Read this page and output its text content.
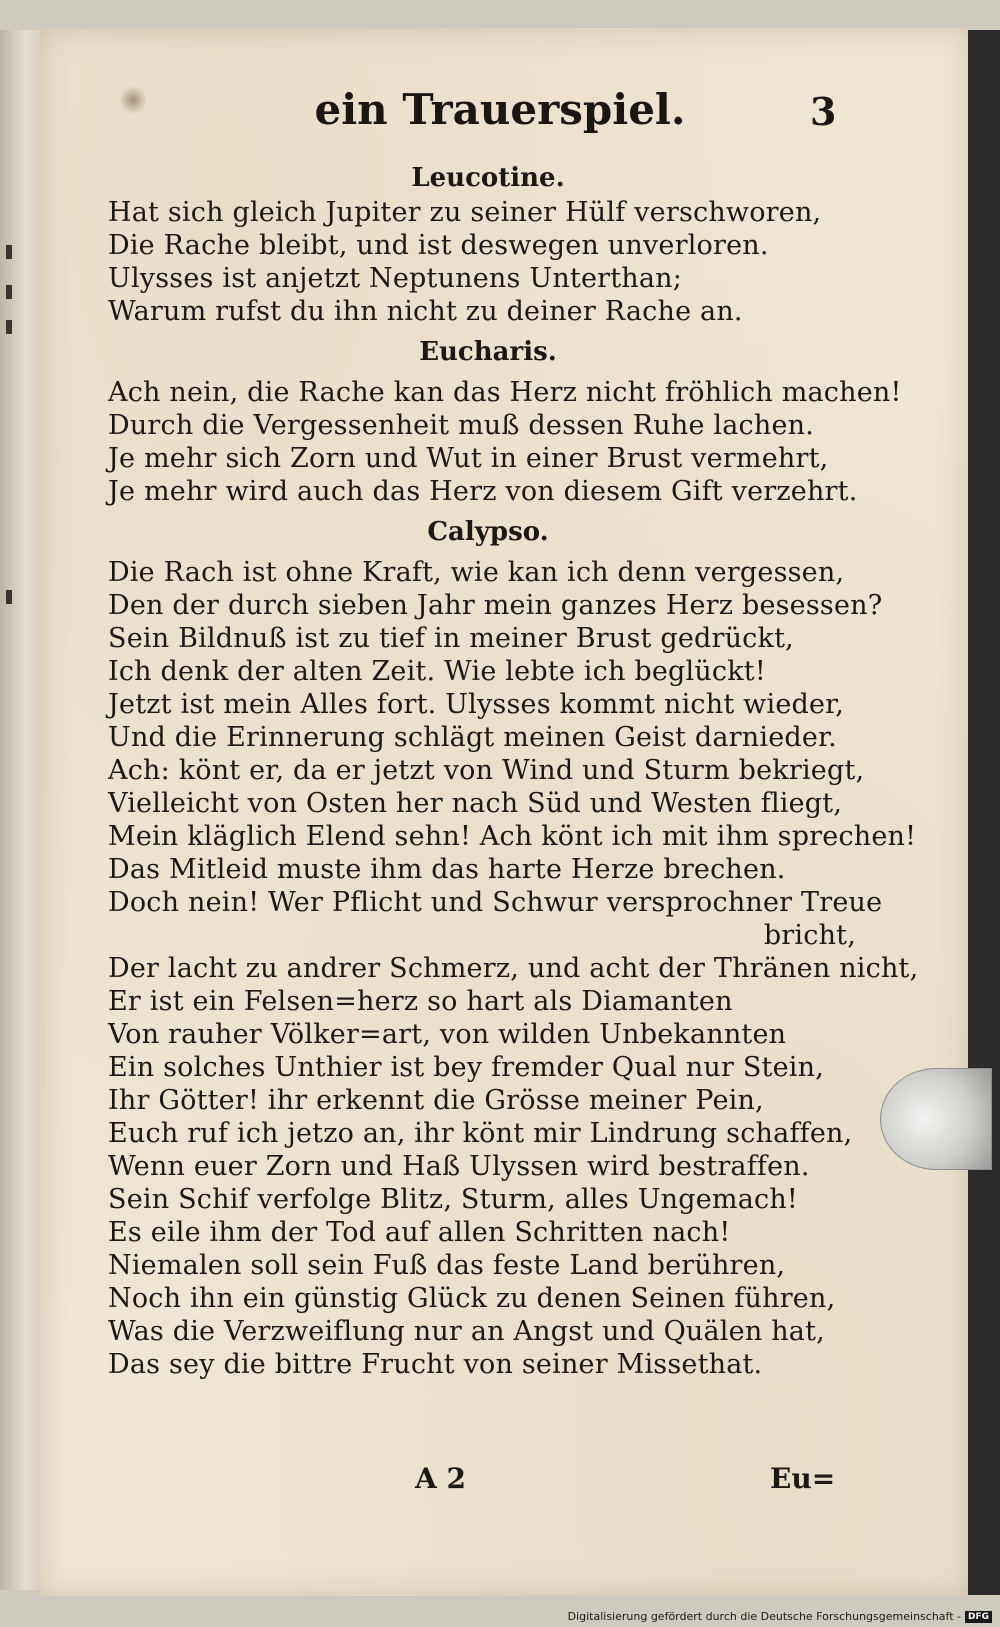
ein Trauerspiel.	3
Leucotine.
Hat sich gleich Jupiter zu seiner Hülf verschworen,
Die Rache bleibt, und ist deswegen unverloren.
Ulysses ist anjetzt Neptunens Unterthan;
Warum rufst du ihn nicht zu deiner Rache an.
Eucharis.
Ach nein, die Rache kan das Herz nicht fröhlich machen!
Durch die Vergessenheit muß dessen Ruhe lachen.
Je mehr sich Zorn und Wut in einer Brust vermehrt,
Je mehr wird auch das Herz von diesem Gift verzehrt.
Calypso.
Die Rach ist ohne Kraft, wie kan ich denn vergessen,
Den der durch sieben Jahr mein ganzes Herz besessen?
Sein Bildnuß ist zu tief in meiner Brust gedrückt,
Ich denk der alten Zeit. Wie lebte ich beglückt!
Jetzt ist mein Alles fort. Ulysses kommt nicht wieder,
Und die Erinnerung schlägt meinen Geist darnieder.
Ach: könt er, da er jetzt von Wind und Sturm bekriegt,
Vielleicht von Osten her nach Süd und Westen fliegt,
Mein kläglich Elend sehn! Ach könt ich mit ihm sprechen!
Das Mitleid muste ihm das harte Herze brechen.
Doch nein! Wer Pflicht und Schwur versprochner Treue
bricht,
Der lacht zu andrer Schmerz, und acht der Thränen nicht,
Er ist ein Felsen=herz so hart als Diamanten
Von rauher Völker=art, von wilden Unbekannten
Ein solches Unthier ist bey fremder Qual nur Stein,
Ihr Götter! ihr erkennt die Grösse meiner Pein,
Euch ruf ich jetzo an, ihr könt mir Lindrung schaffen,
Wenn euer Zorn und Haß Ulyssen wird bestraffen.
Sein Schif verfolge Blitz, Sturm, alles Ungemach!
Es eile ihm der Tod auf allen Schritten nach!
Niemalen soll sein Fuß das feste Land berühren,
Noch ihn ein günstig Glück zu denen Seinen führen,
Was die Verzweiflung nur an Angst und Quälen hat,
Das sey die bittre Frucht von seiner Missethat.
A 2	Eu=
Digitalisierung gefördert durch die Deutsche Forschungsgemeinschaft - DFG
